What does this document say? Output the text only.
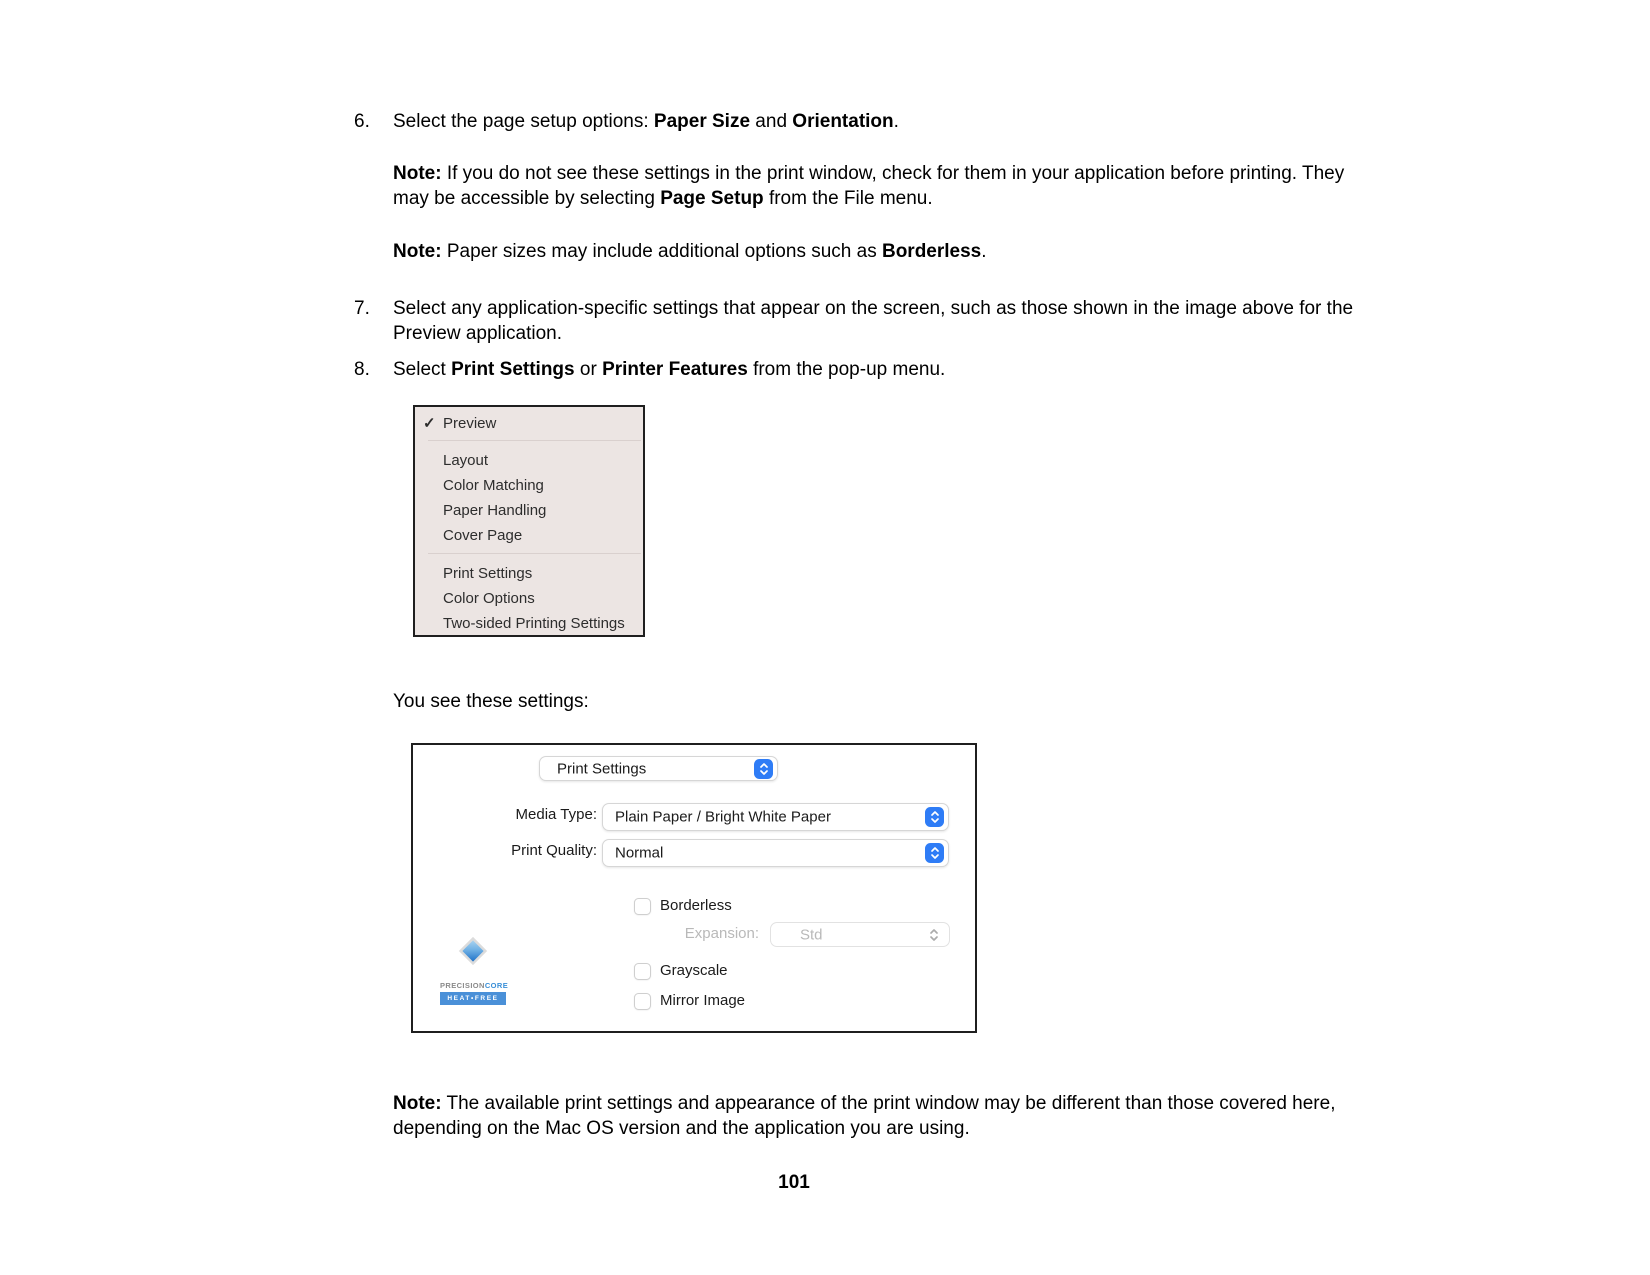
6.	Select the page setup options: Paper Size and Orientation.
Note: If you do not see these settings in the print window, check for them in your application before printing. They may be accessible by selecting Page Setup from the File menu.
Note: Paper sizes may include additional options such as Borderless.
7.	Select any application-specific settings that appear on the screen, such as those shown in the image above for the Preview application.
8.	Select Print Settings or Printer Features from the pop-up menu.
✓ Preview
Layout
Color Matching
Paper Handling
Cover Page
Print Settings
Color Options
Two-sided Printing Settings
You see these settings:
Print Settings
Media Type: Plain Paper / Bright White Paper
Print Quality: Normal
Borderless
Expansion:	Std
Grayscale
Mirror Image
PRECISIONCORE
HEAT•FREE
Note: The available print settings and appearance of the print window may be different than those covered here, depending on the Mac OS version and the application you are using.
101
